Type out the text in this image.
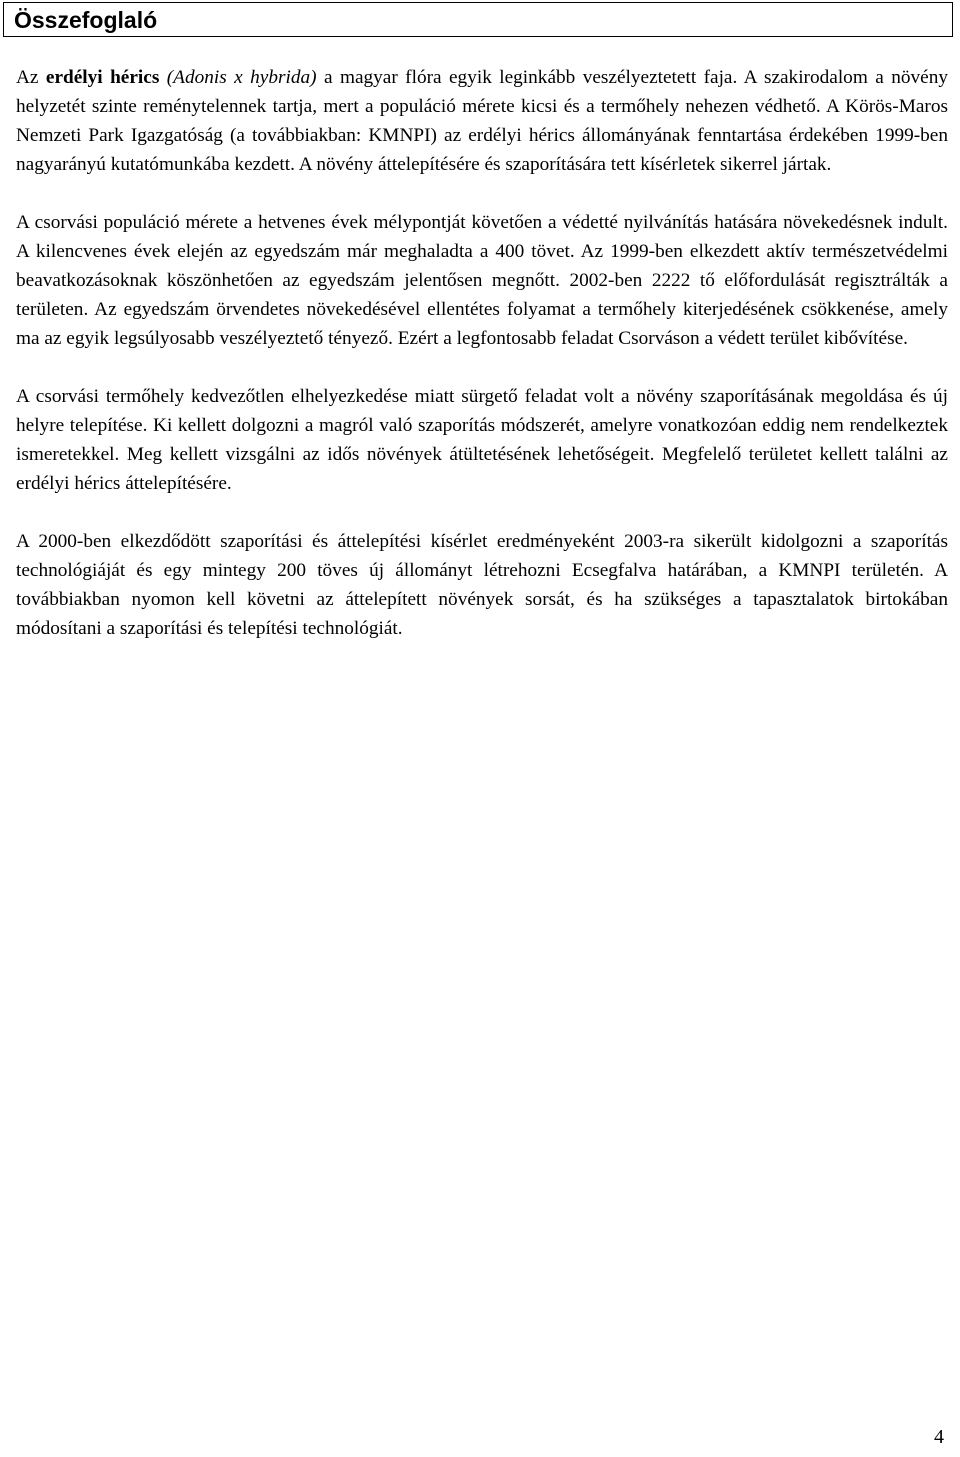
Összefoglaló

Az erdélyi hérics (Adonis x hybrida) a magyar flóra egyik leginkább veszélyeztetett faja. A szakirodalom a növény helyzetét szinte reménytelennek tartja, mert a populáció mérete kicsi és a termőhely nehezen védhető. A Körös-Maros Nemzeti Park Igazgatóság (a továbbiakban: KMNPI) az erdélyi hérics állományának fenntartása érdekében 1999-ben nagyarányú kutatómunkába kezdett. A növény áttelepítésére és szaporítására tett kísérletek sikerrel jártak.

A csorvási populáció mérete a hetvenes évek mélypontját követően a védetté nyilvánítás hatására növekedésnek indult. A kilencvenes évek elején az egyedszám már meghaladta a 400 tövet. Az 1999-ben elkezdett aktív természetvédelmi beavatkozásoknak köszönhetően az egyedszám jelentősen megnőtt. 2002-ben 2222 tő előfordulását regisztrálták a területen. Az egyedszám örvendetes növekedésével ellentétes folyamat a termőhely kiterjedésének csökkenése, amely ma az egyik legsúlyosabb veszélyeztető tényező. Ezért a legfontosabb feladat Csorváson a védett terület kibővítése.

A csorvási termőhely kedvezőtlen elhelyezkedése miatt sürgető feladat volt a növény szaporításának megoldása és új helyre telepítése. Ki kellett dolgozni a magról való szaporítás módszerét, amelyre vonatkozóan eddig nem rendelkeztek ismeretekkel. Meg kellett vizsgálni az idős növények átültetésének lehetőségeit. Megfelelő területet kellett találni az erdélyi hérics áttelepítésére.

A 2000-ben elkezdődött szaporítási és áttelepítési kísérlet eredményeként 2003-ra sikerült kidolgozni a szaporítás technológiáját és egy mintegy 200 töves új állományt létrehozni Ecsegfalva határában, a KMNPI területén. A továbbiakban nyomon kell követni az áttelepített növények sorsát, és ha szükséges a tapasztalatok birtokában módosítani a szaporítási és telepítési technológiát.

4
